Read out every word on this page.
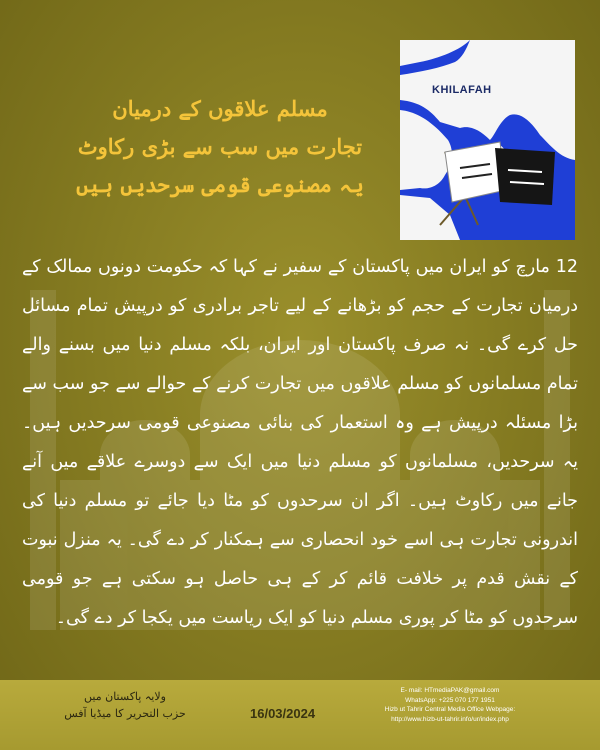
مسلم علاقوں کے درمیان
تجارت میں سب سے بڑی رکاوٹ
یہ مصنوعی قومی سرحدیں ہیں
KHILAFAH
12 مارچ کو ایران میں پاکستان کے سفیر نے کہا کہ حکومت دونوں ممالک کے درمیان تجارت کے حجم کو بڑھانے کے لیے تاجر برادری کو درپیش تمام مسائل حل کرے گی۔ نہ صرف پاکستان اور ایران، بلکہ مسلم دنیا میں بسنے والے تمام مسلمانوں کو مسلم علاقوں میں تجارت کرنے کے حوالے سے جو سب سے بڑا مسئلہ درپیش ہے وہ استعمار کی بنائی مصنوعی قومی سرحدیں ہیں۔ یہ سرحدیں، مسلمانوں کو مسلم دنیا میں ایک سے دوسرے علاقے میں آنے جانے میں رکاوٹ ہیں۔ اگر ان سرحدوں کو مٹا دیا جائے تو مسلم دنیا کی اندرونی تجارت ہی اسے خود انحصاری سے ہمکنار کر دے گی۔ یہ منزل نبوت کے نقش قدم پر خلافت قائم کر کے ہی حاصل ہو سکتی ہے جو قومی سرحدوں کو مٹا کر پوری مسلم دنیا کو ایک ریاست میں یکجا کر دے گی۔
ولایہ پاکستان میں
حزب التحریر کا میڈیا آفس	16/03/2024
E- mail: HTmediaPAK@gmail.com
WhatsApp: +225 070 177 1951
Hizb ut Tahrir Central Media Office Webpage:
http://www.hizb-ut-tahrir.info/ur/index.php
